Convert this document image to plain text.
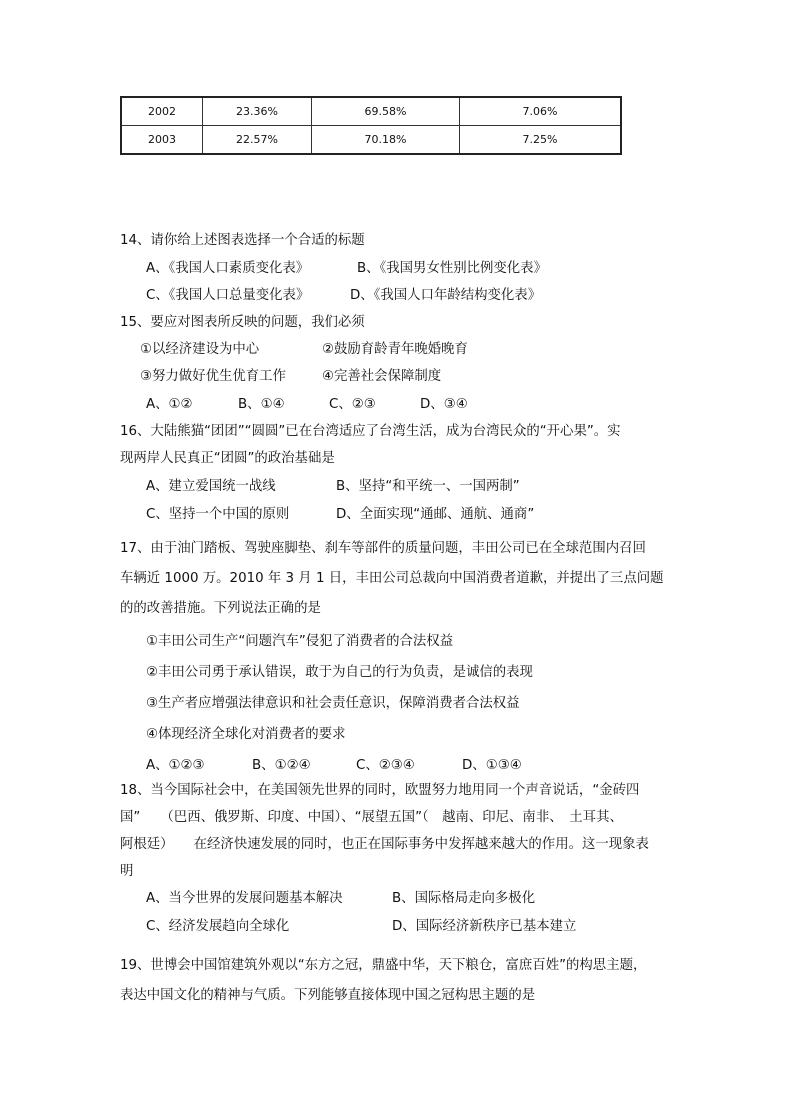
2002	23.36%	69.58%	7.06%
2003	22.57%	70.18%	7.25%
14、请你给上述图表选择一个合适的标题
A、《我国人口素质变化表》	B、《我国男女性别比例变化表》
C、《我国人口总量变化表》	D、《我国人口年龄结构变化表》
15、要应对图表所反映的问题，我们必须
①以经济建设为中心	②鼓励育龄青年晚婚晚育
③努力做好优生优育工作	④完善社会保障制度
A、①②	B、①④	C、②③	D、③④
16、大陆熊猫“团团”“圆圆”已在台湾适应了台湾生活，成为台湾民众的“开心果”。实
现两岸人民真正“团圆”的政治基础是
A、建立爱国统一战线	B、坚持“和平统一、一国两制”
C、坚持一个中国的原则	D、全面实现“通邮、通航、通商”
17、由于油门踏板、驾驶座脚垫、刹车等部件的质量问题，丰田公司已在全球范围内召回
车辆近 1000 万。2010 年 3 月 1 日，丰田公司总裁向中国消费者道歉，并提出了三点问题
的的改善措施。下列说法正确的是
①丰田公司生产“问题汽车”侵犯了消费者的合法权益
②丰田公司勇于承认错误，敢于为自己的行为负责，是诚信的表现
③生产者应增强法律意识和社会责任意识，保障消费者合法权益
④体现经济全球化对消费者的要求
A、①②③	B、①②④	C、②③④	D、①③④
18、当今国际社会中，在美国领先世界的同时，欧盟努力地用同一个声音说话，“金砖四
国”　　（巴西、俄罗斯、印度、中国）、“展望五国”（　越南、印尼、南非、　土耳其、
阿根廷）　　在经济快速发展的同时，也正在国际事务中发挥越来越大的作用。这一现象表
明
A、当今世界的发展问题基本解决	B、国际格局走向多极化
C、经济发展趋向全球化	D、国际经济新秩序已基本建立
19、世博会中国馆建筑外观以“东方之冠，鼎盛中华，天下粮仓，富庶百姓”的构思主题，
表达中国文化的精神与气质。下列能够直接体现中国之冠构思主题的是
